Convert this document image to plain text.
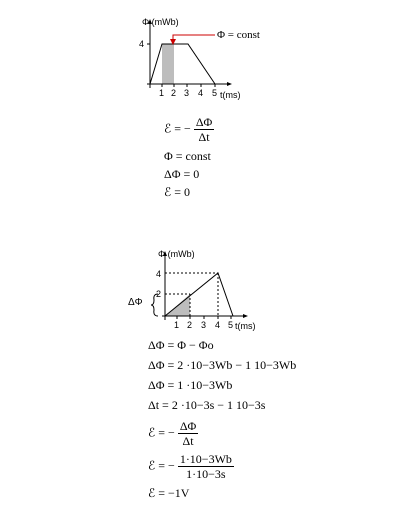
Φ (mWb)
4
1 2 3 4 5 t(ms)
Φ = const
ℰ = − $\frac{\Delta\Phi}{\Delta t}$
Φ = const
ΔΦ = 0
ℰ = 0
Φ (mWb)
4
2
1 2 3 4 5 t(ms)
ΔΦ
ΔΦ = Φ − Φo
ΔΦ = 2 ·10−3Wb − 1 10−3Wb
ΔΦ = 1 ·10−3Wb
Δt = 2 ·10−3s − 1 10−3s
ℰ = − $\frac{\Delta\Phi}{\Delta t}$
ℰ = − $\frac{1\cdot 10-3Wb}{1\cdot 10-3s}$
ℰ = −1V
